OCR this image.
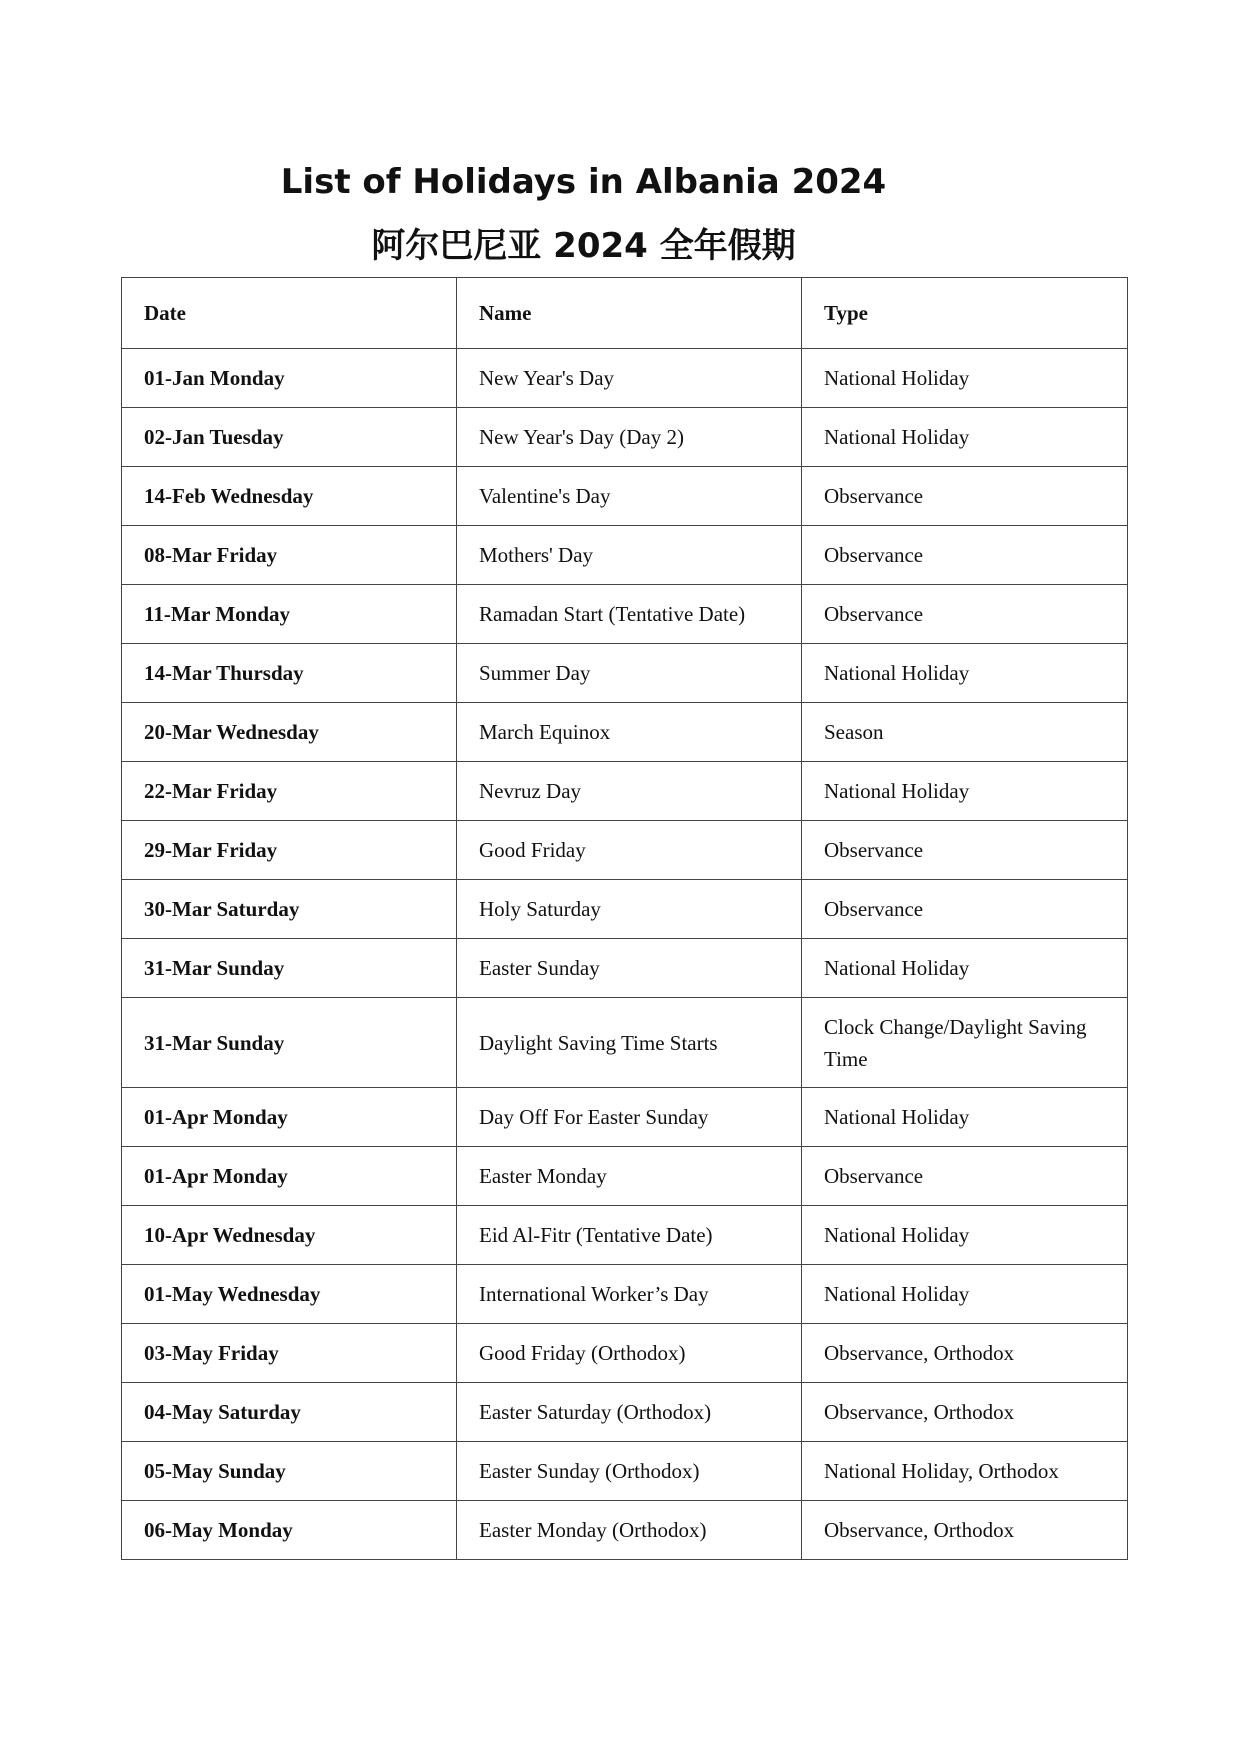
List of Holidays in Albania 2024
阿尔巴尼亚 2024 全年假期
Date	Name	Type
01-Jan Monday	New Year's Day	National Holiday
02-Jan Tuesday	New Year's Day (Day 2)	National Holiday
14-Feb Wednesday	Valentine's Day	Observance
08-Mar Friday	Mothers' Day	Observance
11-Mar Monday	Ramadan Start (Tentative Date)	Observance
14-Mar Thursday	Summer Day	National Holiday
20-Mar Wednesday	March Equinox	Season
22-Mar Friday	Nevruz Day	National Holiday
29-Mar Friday	Good Friday	Observance
30-Mar Saturday	Holy Saturday	Observance
31-Mar Sunday	Easter Sunday	National Holiday
31-Mar Sunday	Daylight Saving Time Starts	Clock Change/Daylight Saving Time
01-Apr Monday	Day Off For Easter Sunday	National Holiday
01-Apr Monday	Easter Monday	Observance
10-Apr Wednesday	Eid Al-Fitr (Tentative Date)	National Holiday
01-May Wednesday	International Worker’s Day	National Holiday
03-May Friday	Good Friday (Orthodox)	Observance, Orthodox
04-May Saturday	Easter Saturday (Orthodox)	Observance, Orthodox
05-May Sunday	Easter Sunday (Orthodox)	National Holiday, Orthodox
06-May Monday	Easter Monday (Orthodox)	Observance, Orthodox
